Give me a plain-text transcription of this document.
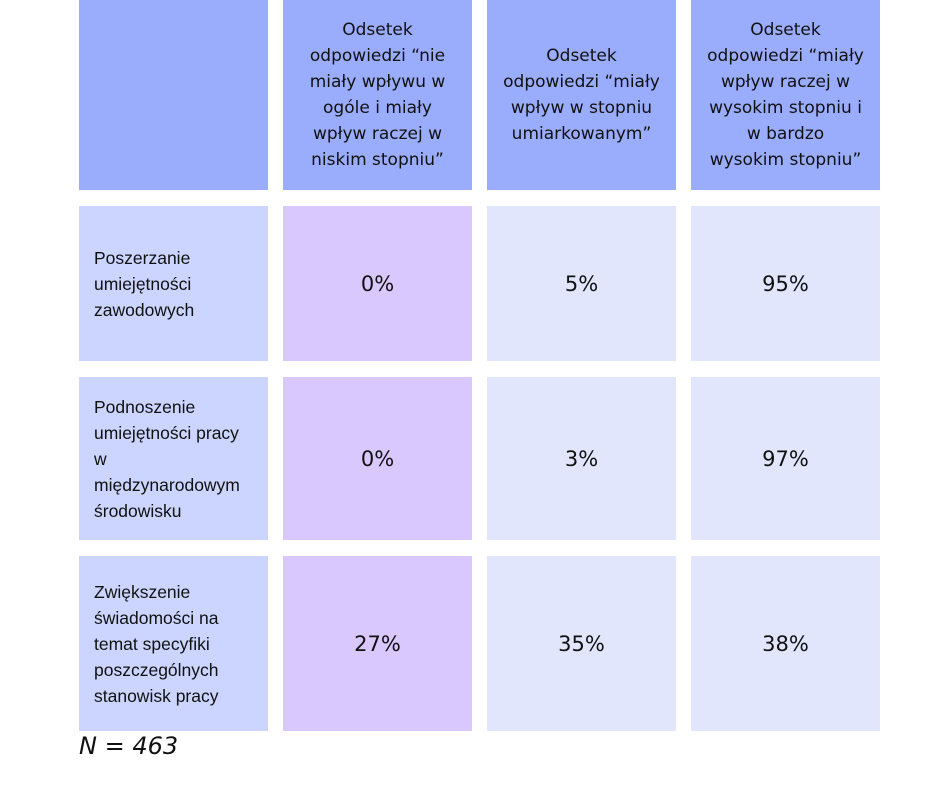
Odsetek
odpowiedzi “nie
miały wpływu w
ogóle i miały
wpływ raczej w
niskim stopniu”
Odsetek
odpowiedzi “miały
wpływ w stopniu
umiarkowanym”
Odsetek
odpowiedzi “miały
wpływ raczej w
wysokim stopniu i
w bardzo
wysokim stopniu”
Poszerzanie
umiejętności
zawodowych
0%	5%	95%
Podnoszenie
umiejętności pracy
w
międzynarodowym
środowisku
0%	3%	97%
Zwiększenie
świadomości na
temat specyfiki
poszczególnych
stanowisk pracy
27%	35%	38%
N = 463
